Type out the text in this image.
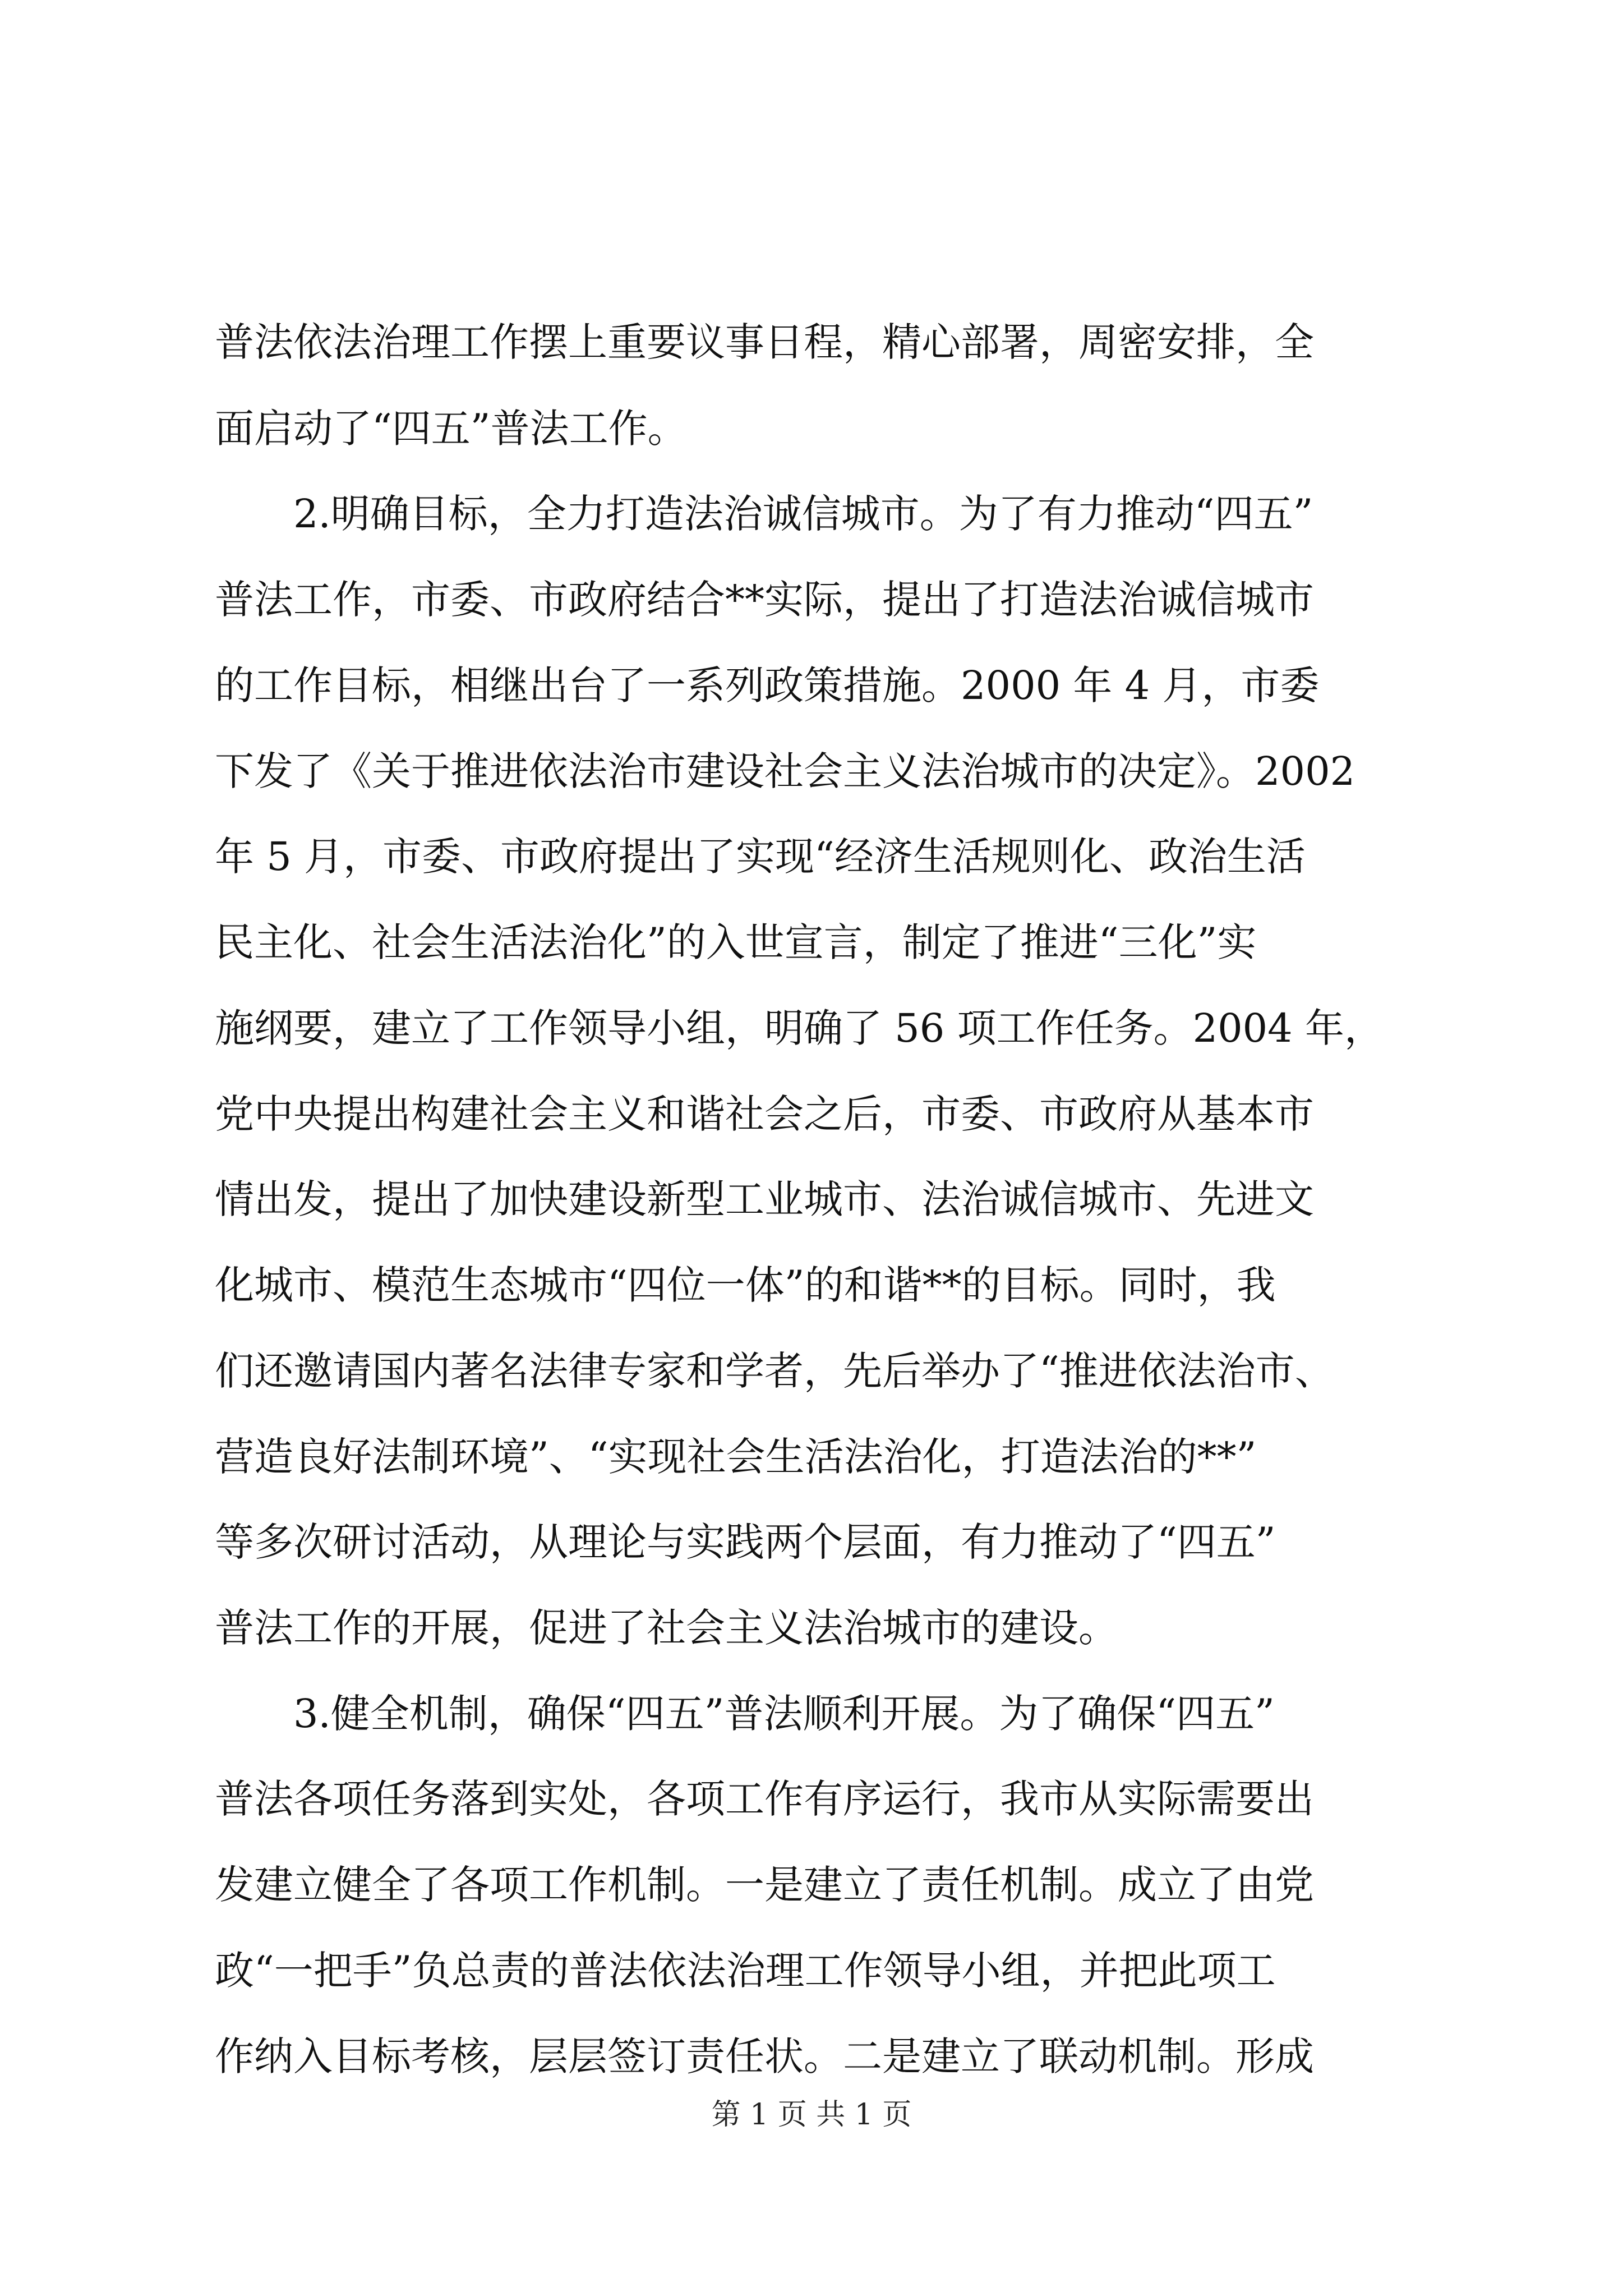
普法依法治理工作摆上重要议事日程，精心部署，周密安排，全

面启动了“四五”普法工作。

2.明确目标，全力打造法治诚信城市。为了有力推动“四五”

普法工作，市委、市政府结合**实际，提出了打造法治诚信城市

的工作目标，相继出台了一系列政策措施。2000 年 4 月，市委

下发了《关于推进依法治市建设社会主义法治城市的决定》。2002

年 5 月，市委、市政府提出了实现“经济生活规则化、政治生活

民主化、社会生活法治化”的入世宣言，制定了推进“三化”实

施纲要，建立了工作领导小组，明确了 56 项工作任务。2004 年，

党中央提出构建社会主义和谐社会之后，市委、市政府从基本市

情出发，提出了加快建设新型工业城市、法治诚信城市、先进文

化城市、模范生态城市“四位一体”的和谐**的目标。同时，我

们还邀请国内著名法律专家和学者，先后举办了“推进依法治市、

营造良好法制环境”、“实现社会生活法治化，打造法治的**”

等多次研讨活动，从理论与实践两个层面，有力推动了“四五”

普法工作的开展，促进了社会主义法治城市的建设。

3.健全机制，确保“四五”普法顺利开展。为了确保“四五”

普法各项任务落到实处，各项工作有序运行，我市从实际需要出

发建立健全了各项工作机制。一是建立了责任机制。成立了由党

政“一把手”负总责的普法依法治理工作领导小组，并把此项工

作纳入目标考核，层层签订责任状。二是建立了联动机制。形成

第 1 页 共 1 页
